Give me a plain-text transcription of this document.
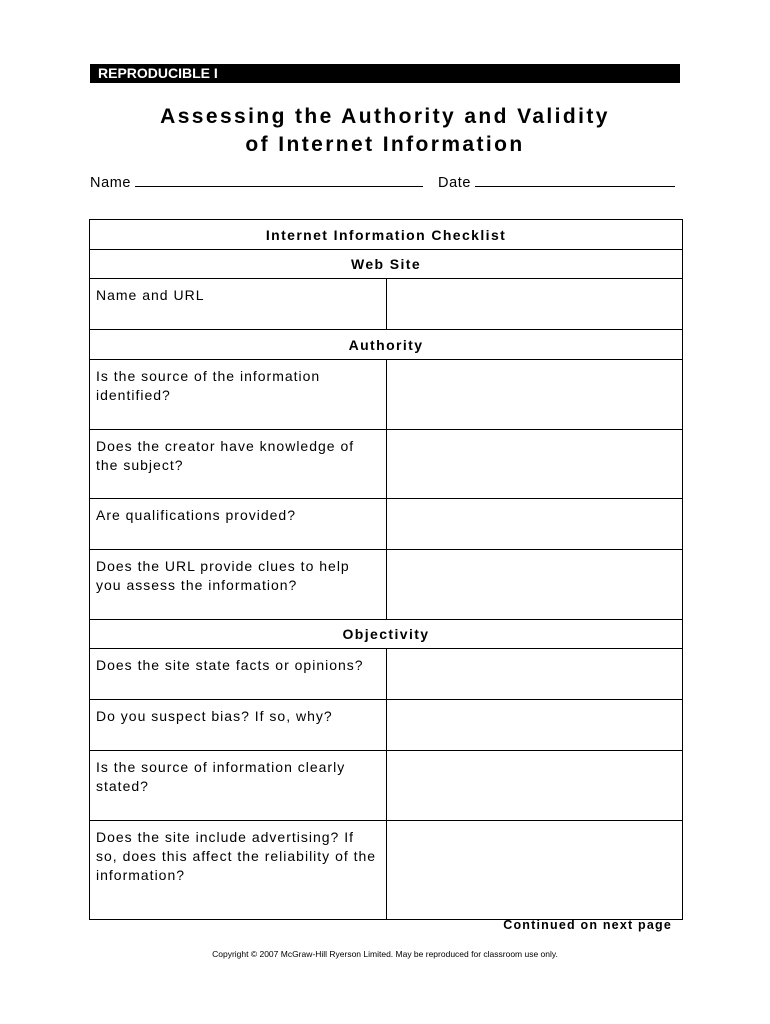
REPRODUCIBLE I
Assessing the Authority and Validity
of Internet Information
Name	Date
Internet Information Checklist	
Web Site	
Name and URL	
Authority	
Is the source of the information identified?	
Does the creator have knowledge of the subject?	
Are qualifications provided?	
Does the URL provide clues to help you assess the information?	
Objectivity	
Does the site state facts or opinions?	
Do you suspect bias? If so, why?	
Is the source of information clearly stated?	
Does the site include advertising? If so, does this affect the reliability of the information?	
Continued on next page
Copyright © 2007 McGraw-Hill Ryerson Limited. May be reproduced for classroom use only.
